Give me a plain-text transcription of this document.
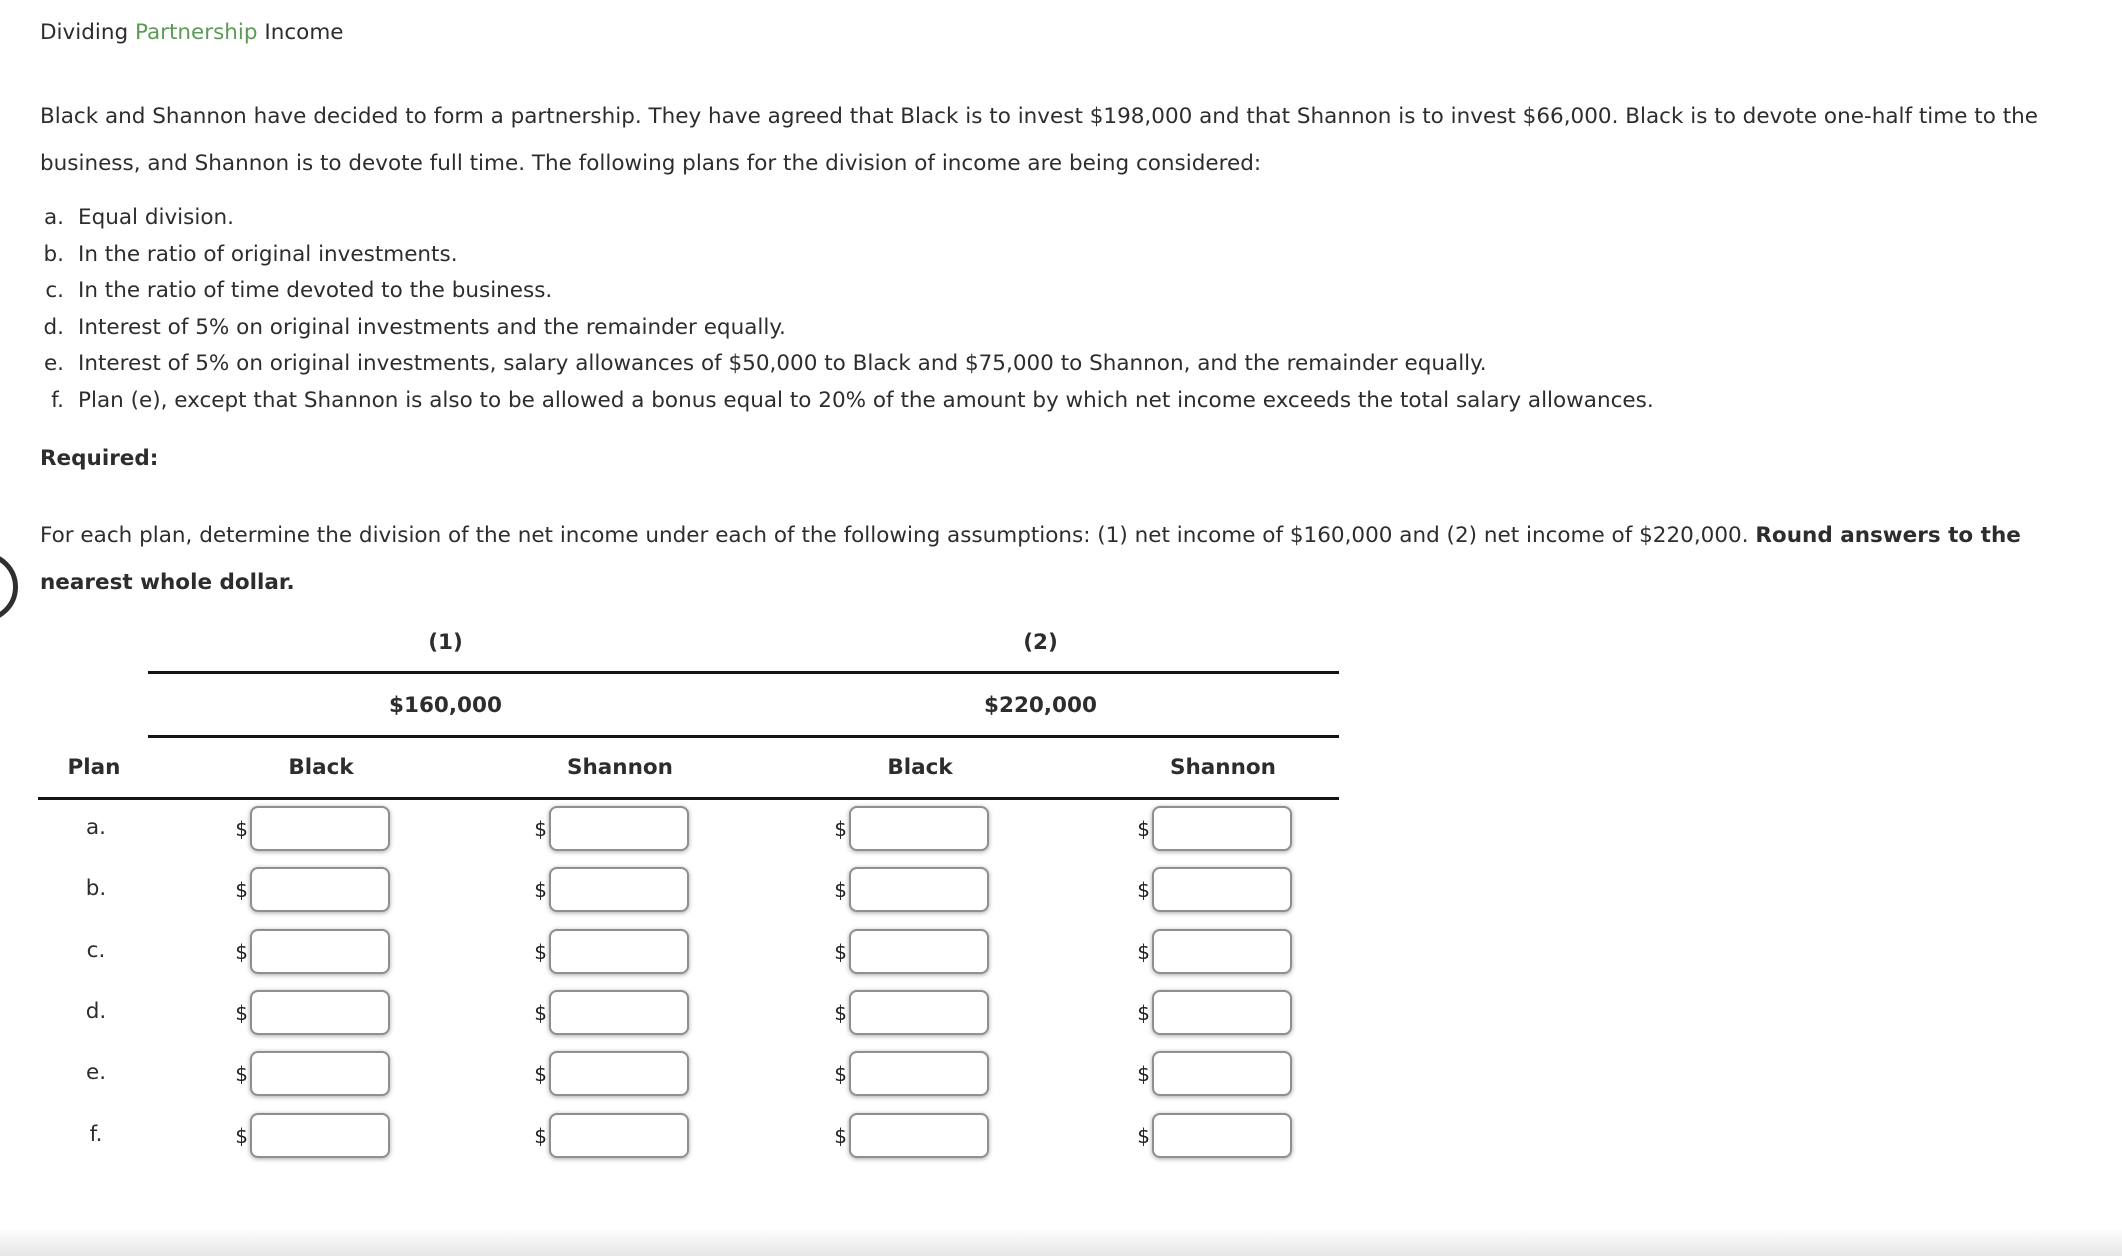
Dividing Partnership Income
Black and Shannon have decided to form a partnership. They have agreed that Black is to invest $198,000 and that Shannon is to invest $66,000. Black is to devote one-half time to the business, and Shannon is to devote full time. The following plans for the division of income are being considered:
a. Equal division.
b. In the ratio of original investments.
c. In the ratio of time devoted to the business.
d. Interest of 5% on original investments and the remainder equally.
e. Interest of 5% on original investments, salary allowances of $50,000 to Black and $75,000 to Shannon, and the remainder equally.
f. Plan (e), except that Shannon is also to be allowed a bonus equal to 20% of the amount by which net income exceeds the total salary allowances.
Required:
For each plan, determine the division of the net income under each of the following assumptions: (1) net income of $160,000 and (2) net income of $220,000. Round answers to the nearest whole dollar.
(1)	(2)
$160,000	$220,000
Plan	Black	Shannon	Black	Shannon
a.	$	$	$	$
b.	$	$	$	$
c.	$	$	$	$
d.	$	$	$	$
e.	$	$	$	$
f.	$	$	$	$
